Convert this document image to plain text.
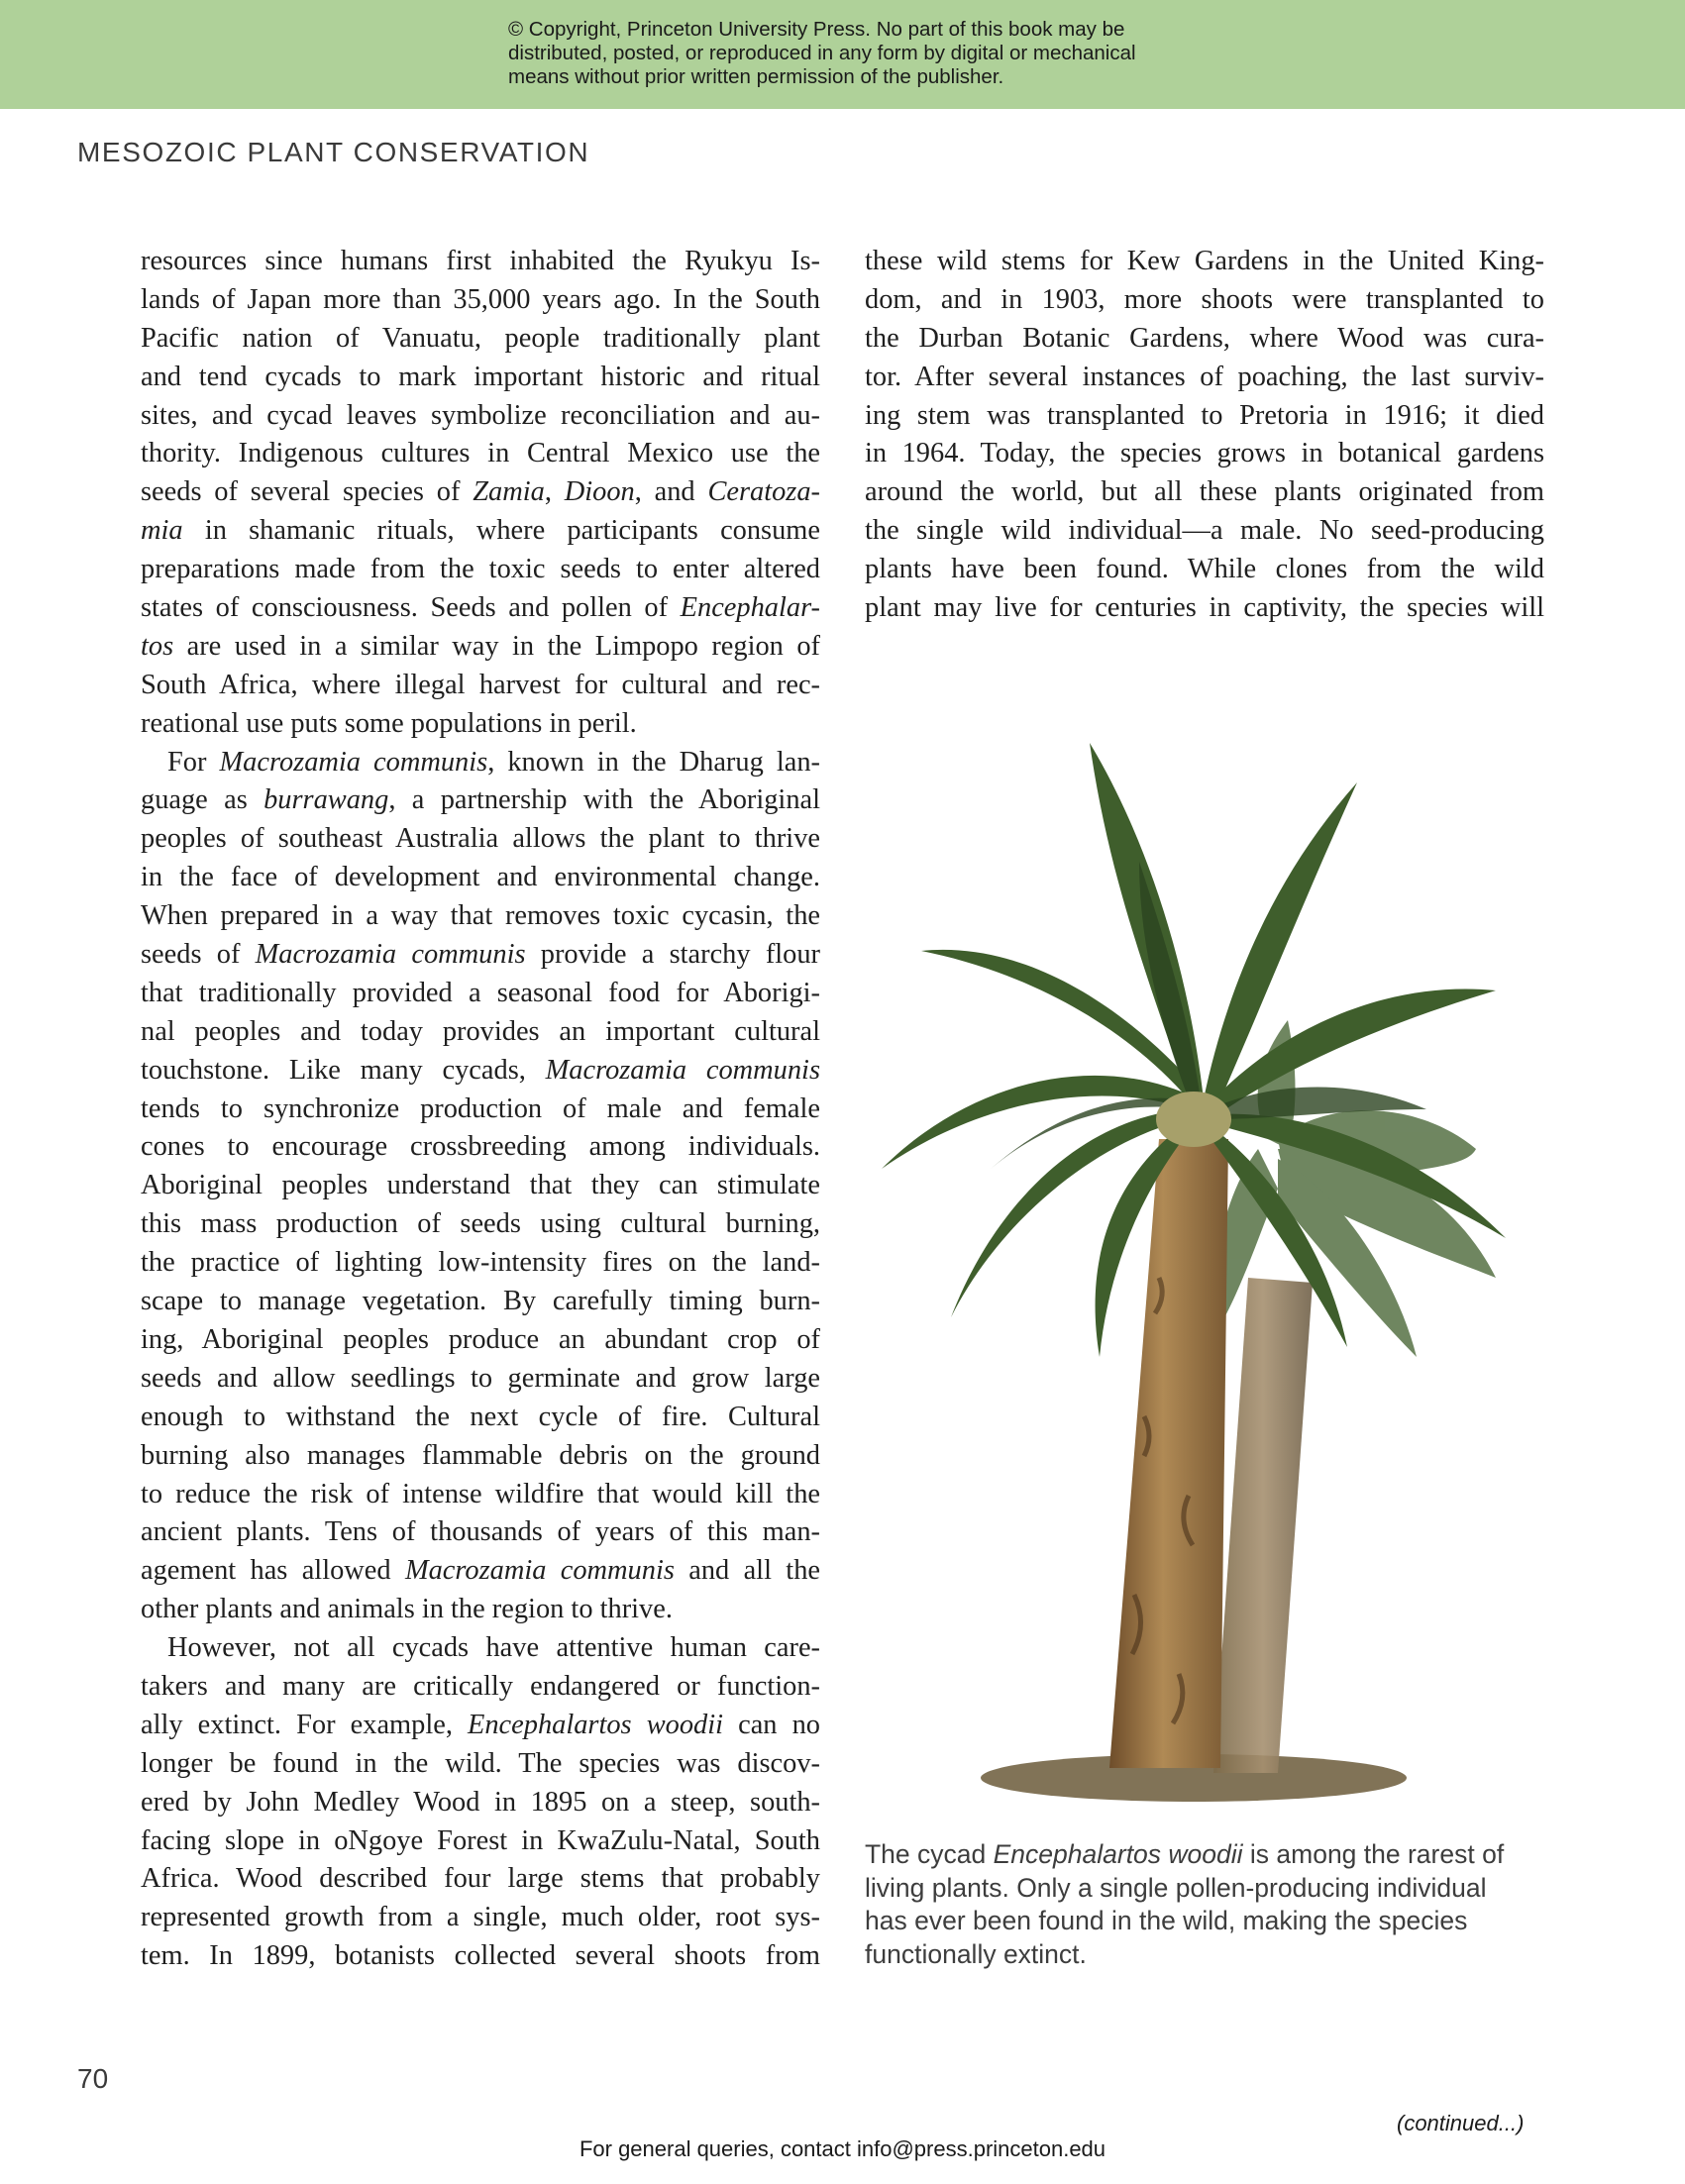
© Copyright, Princeton University Press. No part of this book may be
distributed, posted, or reproduced in any form by digital or mechanical
means without prior written permission of the publisher.
MESOZOIC PLANT CONSERVATION
resources since humans first inhabited the Ryukyu Is-
lands of Japan more than 35,000 years ago. In the South
Pacific nation of Vanuatu, people traditionally plant
and tend cycads to mark important historic and ritual
sites, and cycad leaves symbolize reconciliation and au-
thority. Indigenous cultures in Central Mexico use the
seeds of several species of Zamia, Dioon, and Ceratoza-
mia in shamanic rituals, where participants consume
preparations made from the toxic seeds to enter altered
states of consciousness. Seeds and pollen of Encephalar-
tos are used in a similar way in the Limpopo region of
South Africa, where illegal harvest for cultural and rec-
reational use puts some populations in peril.
For Macrozamia communis, known in the Dharug lan-
guage as burrawang, a partnership with the Aboriginal
peoples of southeast Australia allows the plant to thrive
in the face of development and environmental change.
When prepared in a way that removes toxic cycasin, the
seeds of Macrozamia communis provide a starchy flour
that traditionally provided a seasonal food for Aborigi-
nal peoples and today provides an important cultural
touchstone. Like many cycads, Macrozamia communis
tends to synchronize production of male and female
cones to encourage crossbreeding among individuals.
Aboriginal peoples understand that they can stimulate
this mass production of seeds using cultural burning,
the practice of lighting low-intensity fires on the land-
scape to manage vegetation. By carefully timing burn-
ing, Aboriginal peoples produce an abundant crop of
seeds and allow seedlings to germinate and grow large
enough to withstand the next cycle of fire. Cultural
burning also manages flammable debris on the ground
to reduce the risk of intense wildfire that would kill the
ancient plants. Tens of thousands of years of this man-
agement has allowed Macrozamia communis and all the
other plants and animals in the region to thrive.
However, not all cycads have attentive human care-
takers and many are critically endangered or function-
ally extinct. For example, Encephalartos woodii can no
longer be found in the wild. The species was discov-
ered by John Medley Wood in 1895 on a steep, south-
facing slope in oNgoye Forest in KwaZulu-Natal, South
Africa. Wood described four large stems that probably
represented growth from a single, much older, root sys-
tem. In 1899, botanists collected several shoots from
these wild stems for Kew Gardens in the United King-
dom, and in 1903, more shoots were transplanted to
the Durban Botanic Gardens, where Wood was cura-
tor. After several instances of poaching, the last surviv-
ing stem was transplanted to Pretoria in 1916; it died
in 1964. Today, the species grows in botanical gardens
around the world, but all these plants originated from
the single wild individual—a male. No seed-producing
plants have been found. While clones from the wild
plant may live for centuries in captivity, the species will
The cycad Encephalartos woodii is among the rarest of
living plants. Only a single pollen-producing individual
has ever been found in the wild, making the species
functionally extinct.
70
(continued...)
For general queries, contact info@press.princeton.edu
